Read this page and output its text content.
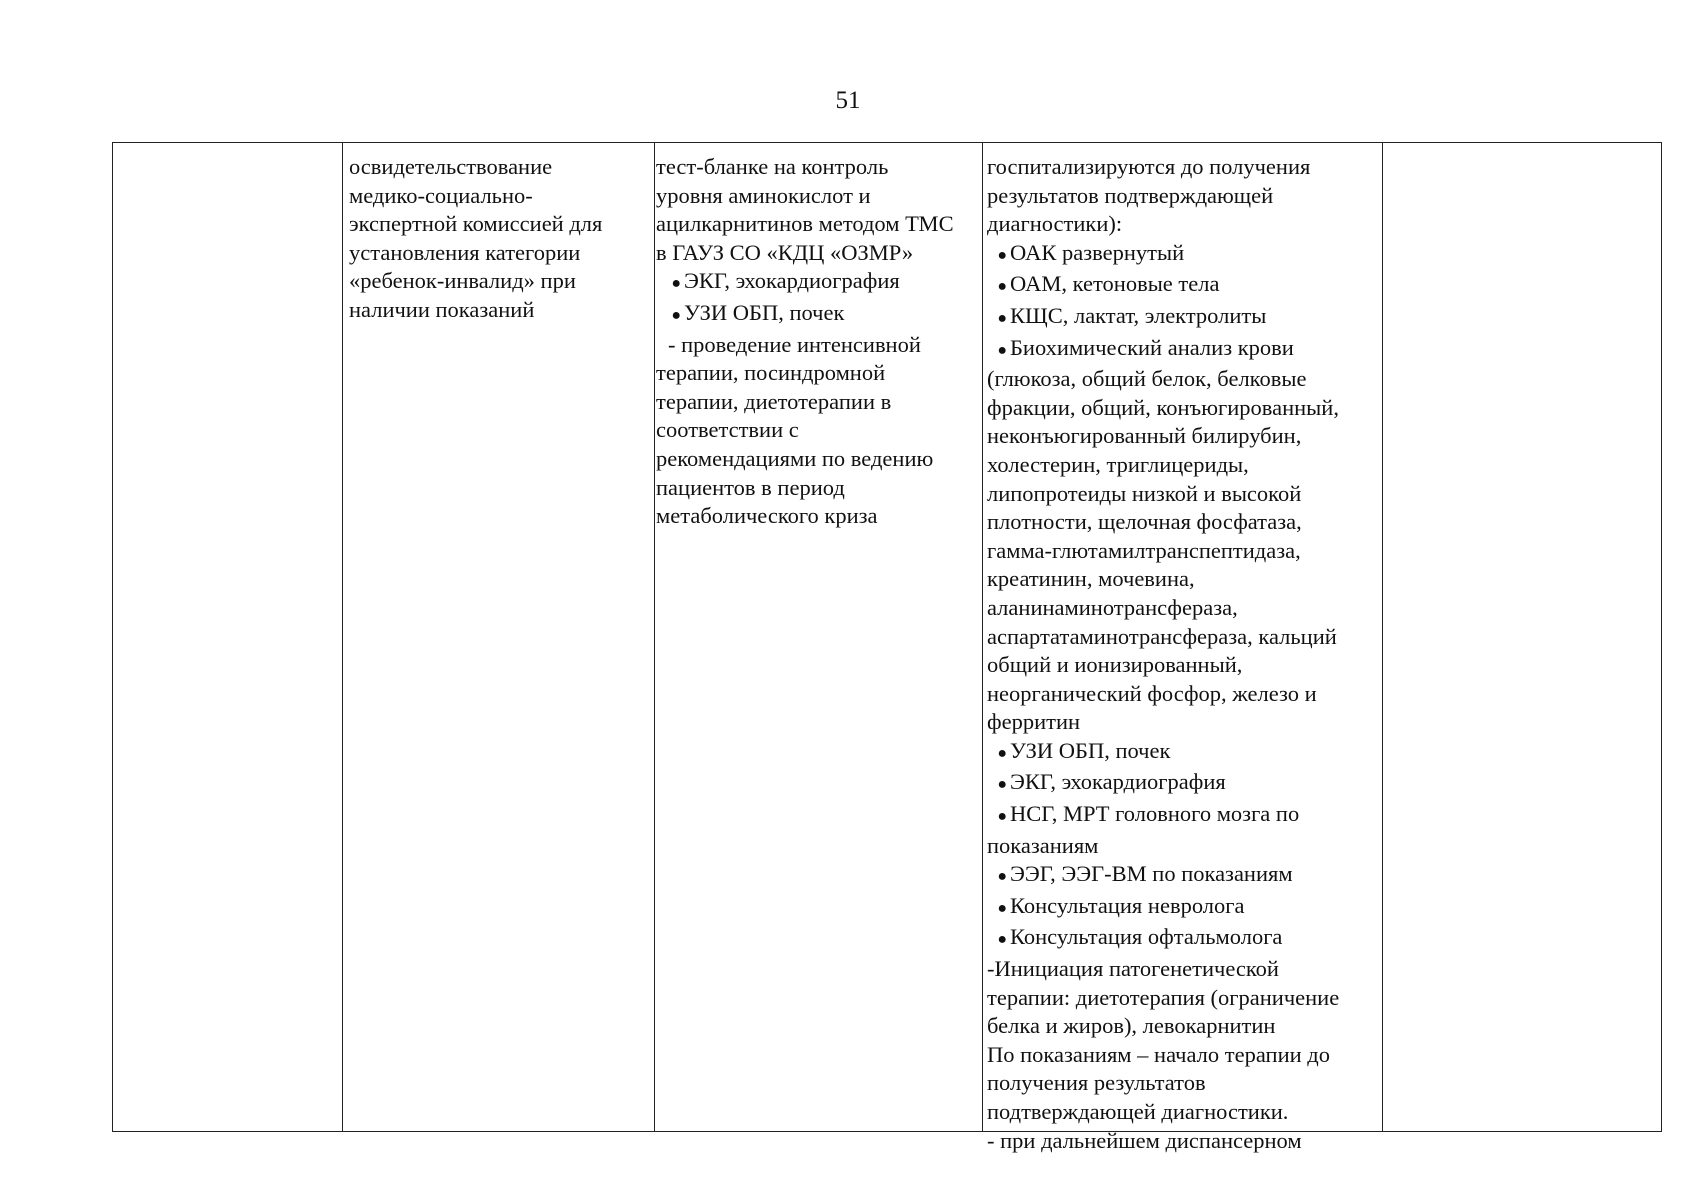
51
освидетельствование
медико-социально-
экспертной комиссией для
установления категории
«ребенок-инвалид» при
наличии показаний
тест-бланке на контроль
уровня аминокислот и
ацилкарнитинов методом ТМС
в ГАУЗ СО «КДЦ «ОЗМР»
● ЭКГ, эхокардиография
● УЗИ ОБП, почек
- проведение интенсивной
терапии, посиндромной
терапии, диетотерапии в
соответствии с
рекомендациями по ведению
пациентов в период
метаболического криза
госпитализируются до получения
результатов подтверждающей
диагностики):
● ОАК развернутый
● ОАМ, кетоновые тела
● КЩС, лактат, электролиты
● Биохимический анализ крови
(глюкоза, общий белок, белковые
фракции, общий, конъюгированный,
неконъюгированный билирубин,
холестерин, триглицериды,
липопротеиды низкой и высокой
плотности, щелочная фосфатаза,
гамма-глютамилтранспептидаза,
креатинин, мочевина,
аланинаминотрансфераза,
аспартатаминотрансфераза, кальций
общий и ионизированный,
неорганический фосфор, железо и
ферритин
● УЗИ ОБП, почек
● ЭКГ, эхокардиография
● НСГ, МРТ головного мозга по
показаниям
● ЭЭГ, ЭЭГ-ВМ по показаниям
● Консультация невролога
● Консультация офтальмолога
-Инициация патогенетической
терапии: диетотерапия (ограничение
белка и жиров), левокарнитин
По показаниям – начало терапии до
получения результатов
подтверждающей диагностики.
- при дальнейшем диспансерном
